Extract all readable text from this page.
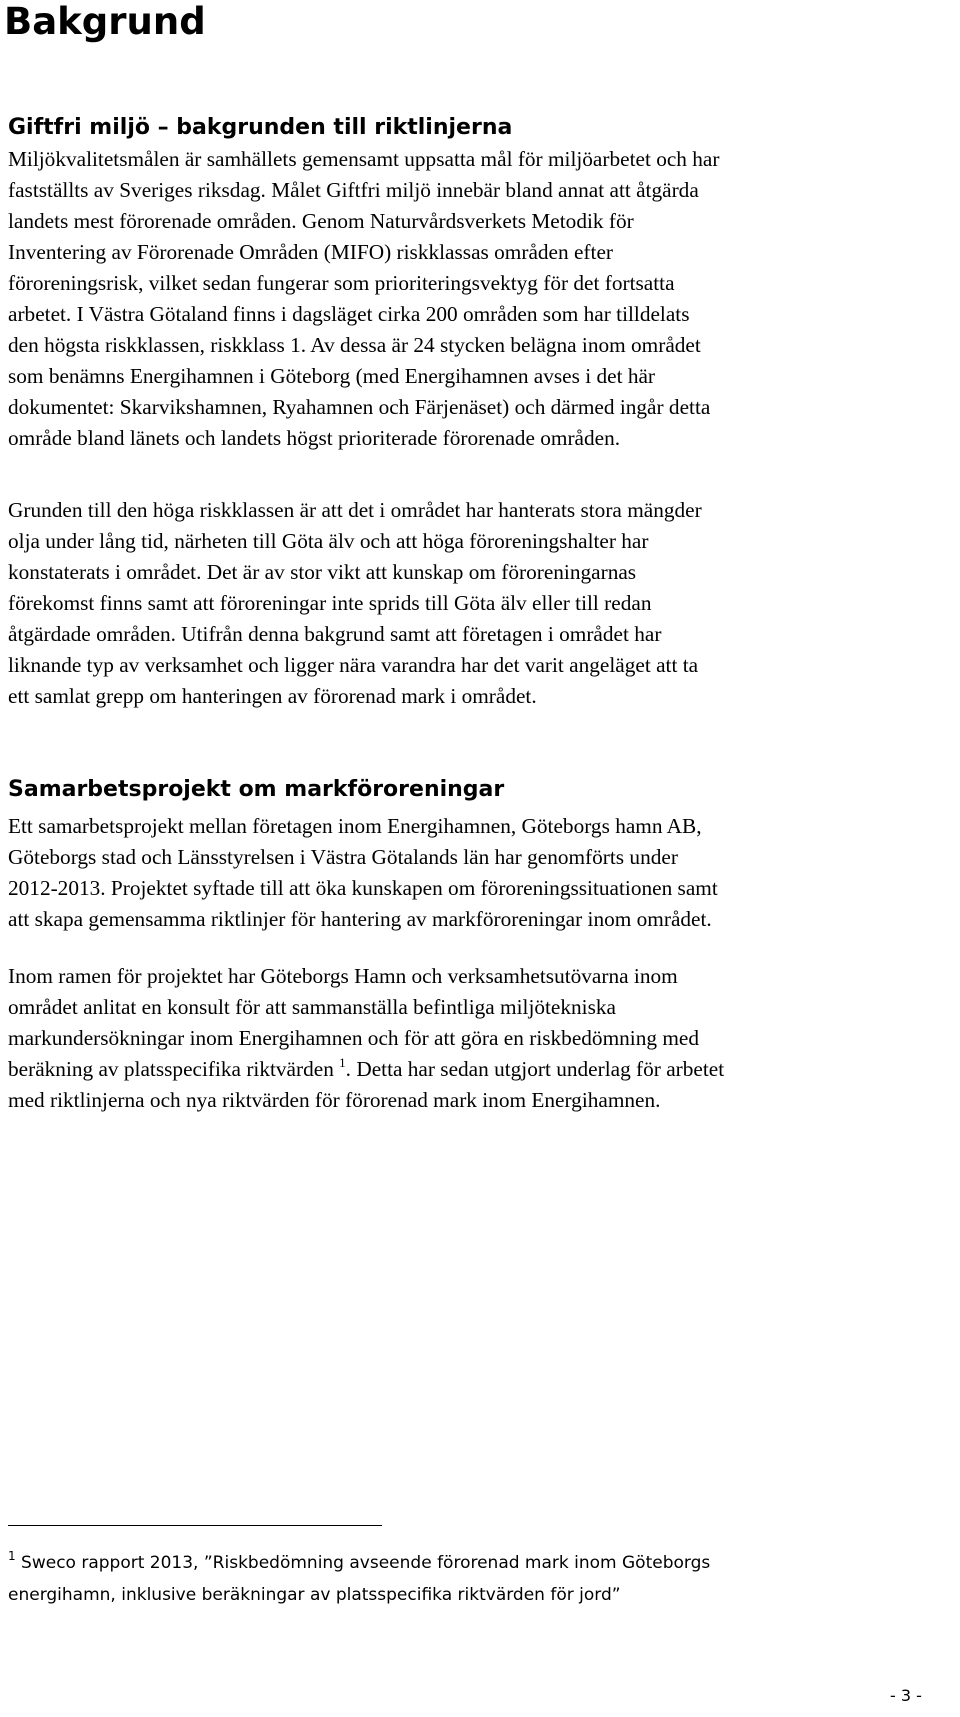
Bakgrund
Giftfri miljö – bakgrunden till riktlinjerna

Miljökvalitetsmålen är samhällets gemensamt uppsatta mål för miljöarbetet och har
fastställts av Sveriges riksdag. Målet Giftfri miljö innebär bland annat att åtgärda
landets mest förorenade områden. Genom Naturvårdsverkets Metodik för
Inventering av Förorenade Områden (MIFO) riskklassas områden efter
föroreningsrisk, vilket sedan fungerar som prioriteringsvektyg för det fortsatta
arbetet. I Västra Götaland finns i dagsläget cirka 200 områden som har tilldelats
den högsta riskklassen, riskklass 1. Av dessa är 24 stycken belägna inom området
som benämns Energihamnen i Göteborg (med Energihamnen avses i det här
dokumentet: Skarvikshamnen, Ryahamnen och Färjenäset) och därmed ingår detta
område bland länets och landets högst prioriterade förorenade områden.

Grunden till den höga riskklassen är att det i området har hanterats stora mängder
olja under lång tid, närheten till Göta älv och att höga föroreningshalter har
konstaterats i området. Det är av stor vikt att kunskap om föroreningarnas
förekomst finns samt att föroreningar inte sprids till Göta älv eller till redan
åtgärdade områden. Utifrån denna bakgrund samt att företagen i området har
liknande typ av verksamhet och ligger nära varandra har det varit angeläget att ta
ett samlat grepp om hanteringen av förorenad mark i området.

Samarbetsprojekt om markföroreningar

Ett samarbetsprojekt mellan företagen inom Energihamnen, Göteborgs hamn AB,
Göteborgs stad och Länsstyrelsen i Västra Götalands län har genomförts under
2012-2013. Projektet syftade till att öka kunskapen om föroreningssituationen samt
att skapa gemensamma riktlinjer för hantering av markföroreningar inom området.

Inom ramen för projektet har Göteborgs Hamn och verksamhetsutövarna inom
området anlitat en konsult för att sammanställa befintliga miljötekniska
markundersökningar inom Energihamnen och för att göra en riskbedömning med
beräkning av platsspecifika riktvärden $^1$. Detta har sedan utgjort underlag för arbetet
med riktlinjerna och nya riktvärden för förorenad mark inom Energihamnen.

$^1$ Sweco rapport 2013, ”Riskbedömning avseende förorenad mark inom Göteborgs
energihamn, inklusive beräkningar av platsspecifika riktvärden för jord”

- 3 -
